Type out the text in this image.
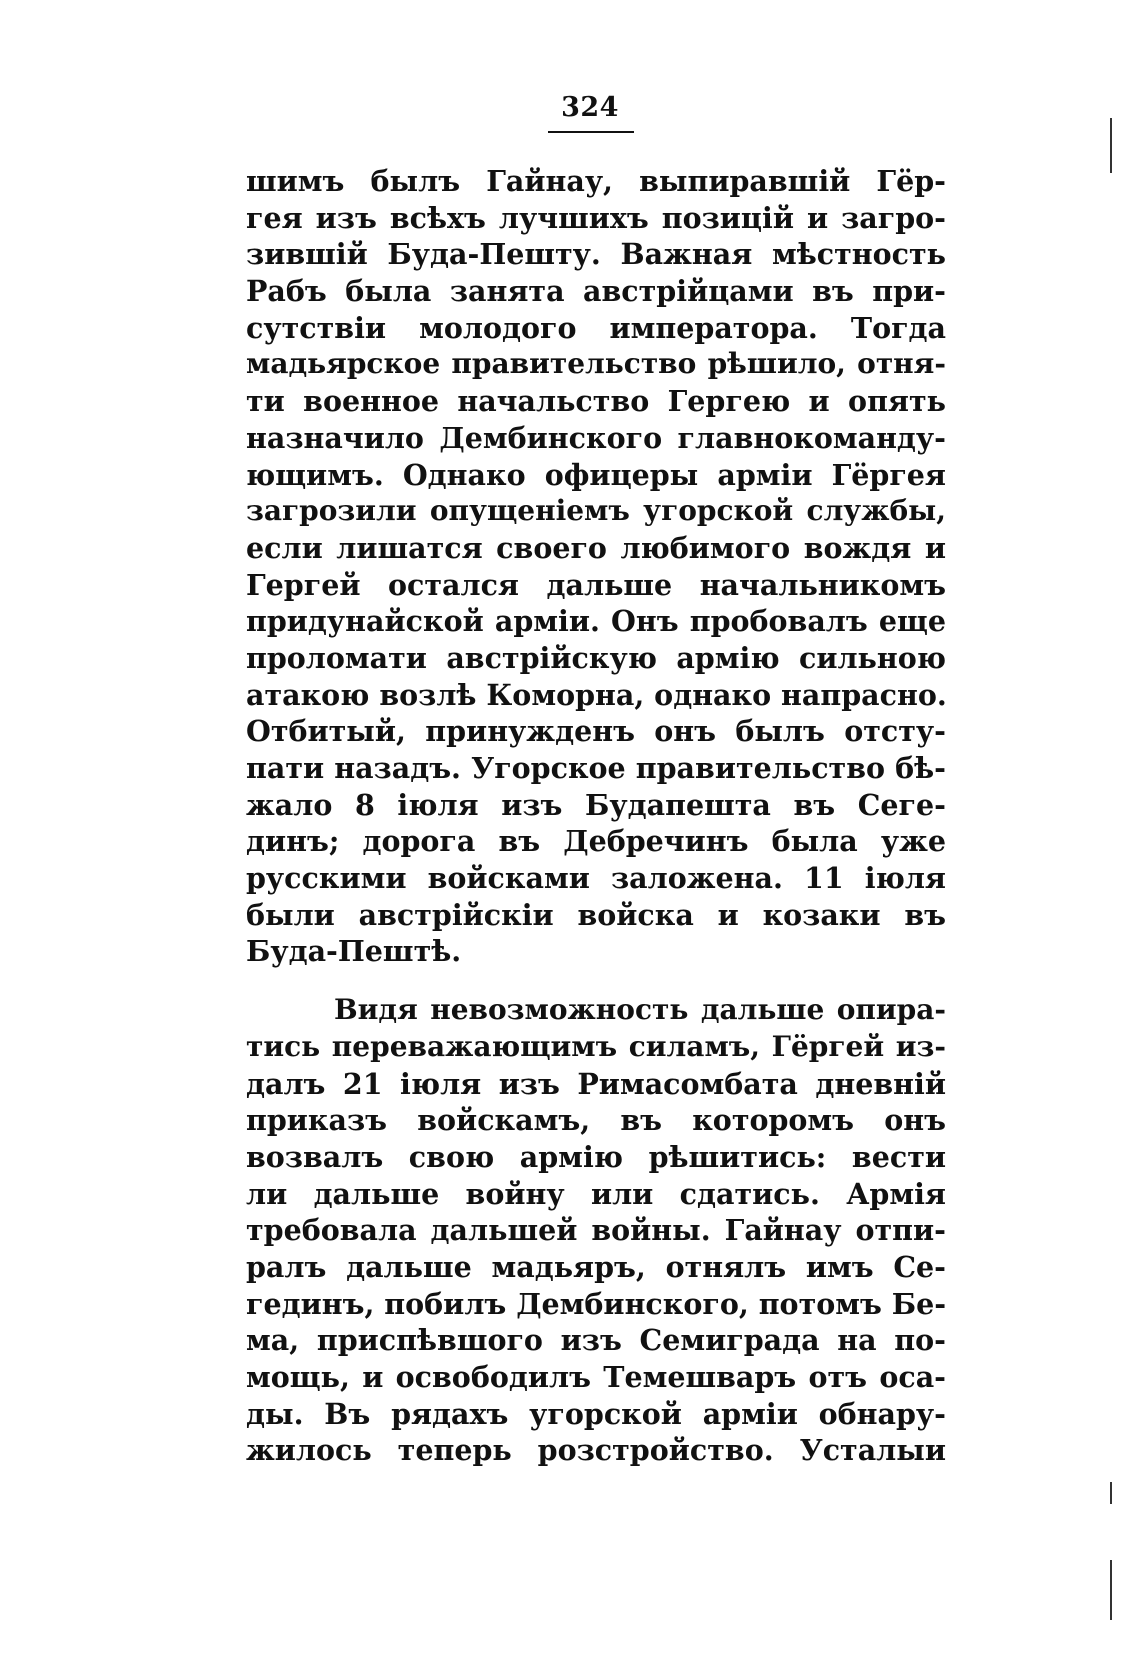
324
шимъ былъ Гайнау, выпиравшій Гёр-
гея изъ всѣхъ лучшихъ позицій и загро-
зившій Буда-Пешту. Важная мѣстность
Рабъ была занята австрійцами въ при-
сутствіи молодого императора. Тогда
мадьярское правительство рѣшило, отня-
ти военное начальство Гергею и опять
назначило Дембинского главнокоманду-
ющимъ. Однако офицеры арміи Гёргея
загрозили опущеніемъ угорской службы,
если лишатся своего любимого вождя и
Гергей остался дальше начальникомъ
придунайской арміи. Онъ пробовалъ еще
проломати австрійскую армію сильною
атакою возлѣ Коморна, однако напрасно.
Отбитый, принужденъ онъ былъ отсту-
пати назадъ. Угорское правительство бѣ-
жало 8 іюля изъ Будапешта въ Сеге-
динъ; дорога въ Дебречинъ была уже
русскими войсками заложена. 11 іюля
были австрійскіи войска и козаки въ
Буда-Пештѣ.
Видя невозможность дальше опира-
тись переважающимъ силамъ, Гёргей из-
далъ 21 іюля изъ Римасомбата дневній
приказъ войскамъ, въ которомъ онъ
возвалъ свою армію рѣшитись: вести
ли дальше войну или сдатись. Армія
требовала дальшей войны. Гайнау отпи-
ралъ дальше мадьяръ, отнялъ имъ Се-
гединъ, побилъ Дембинского, потомъ Бе-
ма, приспѣвшого изъ Семиграда на по-
мощь, и освободилъ Темешваръ отъ оса-
ды. Въ рядахъ угорской арміи обнару-
жилось теперь розстройство. Усталыи
